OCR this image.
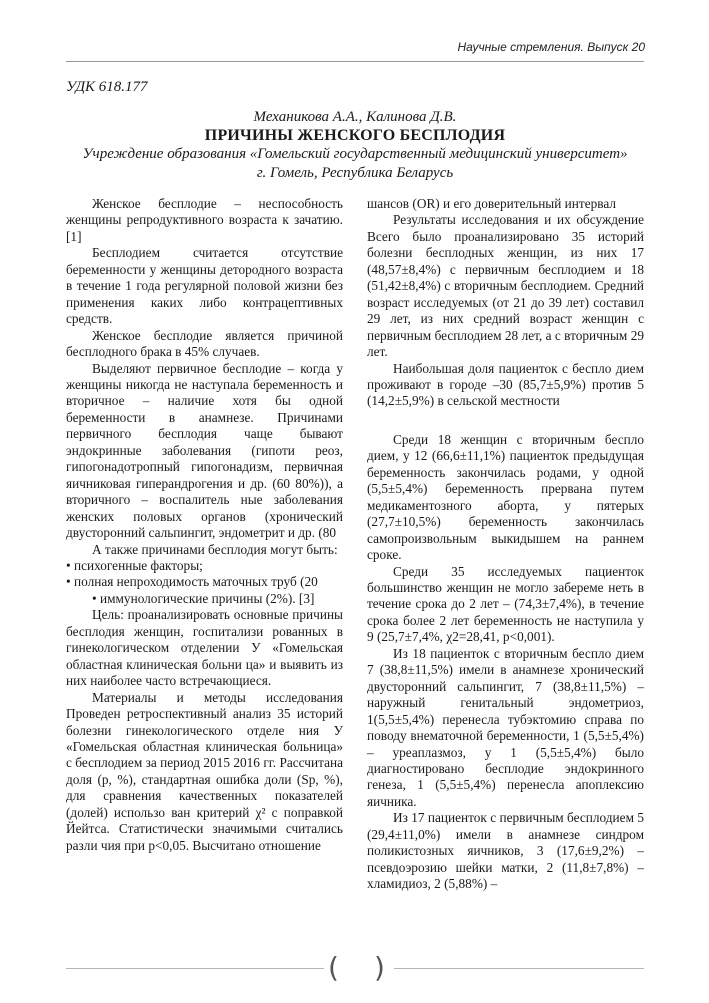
Научные стремления. Выпуск 20
УДК 618.177
Механикова А.А., Калинова Д.В.
ПРИЧИНЫ ЖЕНСКОГО БЕСПЛОДИЯ
Учреждение образования «Гомельский государственный медицинский университет»
г. Гомель, Республика Беларусь

Женское бесплодие – неспособность женщины репродуктивного возраста к зачатию. [1]

Бесплодием считается отсутствие беременности у женщины детородного возраста в течение 1 года регулярной половой жизни без применения каких либо контрацептивных средств.

Женское бесплодие является причиной бесплодного брака в 45% случаев.

Выделяют первичное бесплодие – когда у женщины никогда не наступала беременность и вторичное – наличие хотя бы одной беременности в анамнезе. Причинами первичного бесплодия чаще бывают эндокринные заболевания (гипоти реоз, гипогонадотропный гипогонадизм, первичная яичниковая гиперандрогения и др. (60 80%)), а вторичного – воспалитель ные заболевания женских половых органов (хронический двусторонний сальпингит, эндометрит и др. (80

А также причинами бесплодия могут быть:

• психогенные факторы;

• полная непроходимость маточных труб (20

• иммунологические причины (2%). [3]

Цель: проанализировать основные причины бесплодия женщин, госпитализи рованных в гинекологическом отделении У «Гомельская областная клиническая больни ца» и выявить из них наиболее часто встречающиеся.

Материалы и методы исследования Проведен ретроспективный анализ 35 историй болезни гинекологического отделе ния У «Гомельская областная клиническая больница» с бесплодием за период 2015 2016 гг. Рассчитана доля (p, %), стандартная ошибка доли (Sp, %), для сравнения качественных показателей (долей) использо ван критерий χ² с поправкой Йейтса. Статистически значимыми считались разли чия при p<0,05. Высчитано отношение

шансов (OR) и его доверительный интервал

Результаты исследования и их обсуждение Всего было проанализировано 35 историй болезни бесплодных женщин, из них 17 (48,57±8,4%) с первичным бесплодием и 18 (51,42±8,4%) с вторичным бесплодием. Средний возраст исследуемых (от 21 до 39 лет) составил 29 лет, из них средний возраст женщин с первичным бесплодием 28 лет, а с вторичным 29 лет.

Наибольшая доля пациенток с беспло дием проживают в городе –30 (85,7±5,9%) против 5 (14,2±5,9%) в сельской местности

Среди 18 женщин с вторичным беспло дием, у 12 (66,6±11,1%) пациенток предыдущая беременность закончилась родами, у одной (5,5±5,4%) беременность прервана путем медикаментозного аборта, у пятерых (27,7±10,5%) беременность закончилась самопроизвольным выкидышем на раннем сроке.

Среди 35 исследуемых пациенток большинство женщин не могло забереме неть в течение срока до 2 лет – (74,3±7,4%), в течение срока более 2 лет беременность не наступила у 9 (25,7±7,4%, χ2=28,41, p<0,001).

Из 18 пациенток с вторичным беспло дием 7 (38,8±11,5%) имели в анамнезе хронический двусторонний сальпингит, 7 (38,8±11,5%) – наружный генитальный эндометриоз, 1(5,5±5,4%) перенесла тубэктомию справа по поводу внематочной беременности, 1 (5,5±5,4%) – уреаплазмоз, у 1 (5,5±5,4%) было диагностировано бесплодие эндокринного генеза, 1 (5,5±5,4%) перенесла апоплексию яичника.

Из 17 пациенток с первичным бесплодием 5 (29,4±11,0%) имели в анамнезе синдром поликистозных яичников, 3 (17,6±9,2%) – псевдоэрозию шейки матки, 2 (11,8±7,8%) – хламидиоз, 2 (5,88%) –

( )
